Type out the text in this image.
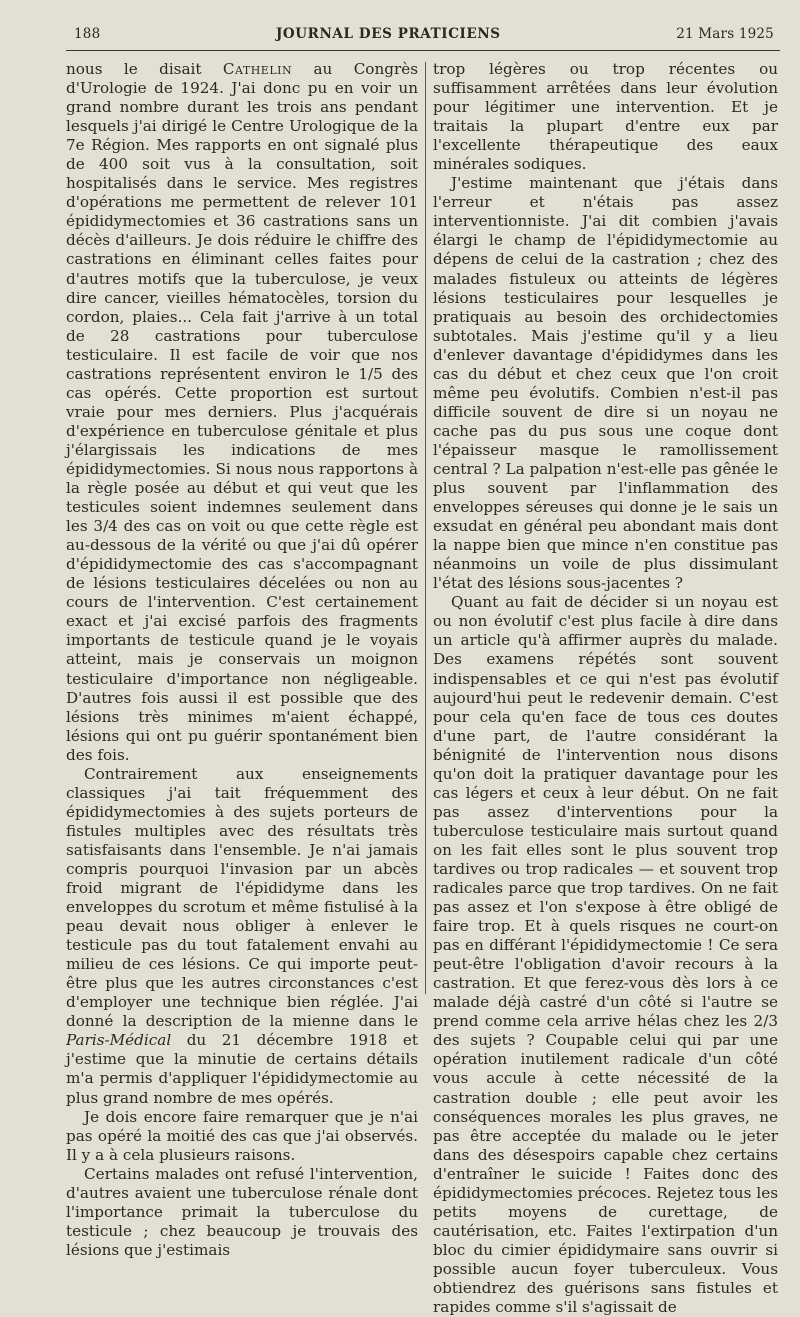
188	JOURNAL DES PRATICIENS	21 Mars 1925

nous le disait Cathelin au Congrès d'Urologie de 1924. J'ai donc pu en voir un grand nombre durant les trois ans pendant lesquels j'ai dirigé le Centre Urologique de la 7e Région. Mes rapports en ont signalé plus de 400 soit vus à la consultation, soit hospitalisés dans le service. Mes registres d'opérations me permettent de relever 101 épididymectomies et 36 castrations sans un décès d'ailleurs. Je dois réduire le chiffre des castrations en éliminant celles faites pour d'autres motifs que la tuberculose, je veux dire cancer, vieilles hématocèles, torsion du cordon, plaies... Cela fait j'arrive à un total de 28 castrations pour tuberculose testiculaire. Il est facile de voir que nos castrations représentent environ le 1/5 des cas opérés. Cette proportion est surtout vraie pour mes derniers. Plus j'acquérais d'expérience en tuberculose génitale et plus j'élargissais les indications de mes épididymectomies. Si nous nous rapportons à la règle posée au début et qui veut que les testicules soient indemnes seulement dans les 3/4 des cas on voit ou que cette règle est au-dessous de la vérité ou que j'ai dû opérer d'épididymectomie des cas s'accompagnant de lésions testiculaires décelées ou non au cours de l'intervention. C'est certainement exact et j'ai excisé parfois des fragments importants de testicule quand je le voyais atteint, mais je conservais un moignon testiculaire d'importance non négligeable. D'autres fois aussi il est possible que des lésions très minimes m'aient échappé, lésions qui ont pu guérir spontanément bien des fois.

Contrairement aux enseignements classiques j'ai tait fréquemment des épididymectomies à des sujets porteurs de fistules multiples avec des résultats très satisfaisants dans l'ensemble. Je n'ai jamais compris pourquoi l'invasion par un abcès froid migrant de l'épididyme dans les enveloppes du scrotum et même fistulisé à la peau devait nous obliger à enlever le testicule pas du tout fatalement envahi au milieu de ces lésions. Ce qui importe peut-être plus que les autres circonstances c'est d'employer une technique bien réglée. J'ai donné la description de la mienne dans le Paris-Médical du 21 décembre 1918 et j'estime que la minutie de certains détails m'a permis d'appliquer l'épididymectomie au plus grand nombre de mes opérés.

Je dois encore faire remarquer que je n'ai pas opéré la moitié des cas que j'ai observés. Il y a à cela plusieurs raisons.

Certains malades ont refusé l'intervention, d'autres avaient une tuberculose rénale dont l'importance primait la tuberculose du testicule ; chez beaucoup je trouvais des lésions que j'estimais

trop légères ou trop récentes ou suffisamment arrêtées dans leur évolution pour légitimer une intervention. Et je traitais la plupart d'entre eux par l'excellente thérapeutique des eaux minérales sodiques.

J'estime maintenant que j'étais dans l'erreur et n'étais pas assez interventionniste. J'ai dit combien j'avais élargi le champ de l'épididymectomie au dépens de celui de la castration ; chez des malades fistuleux ou atteints de légères lésions testiculaires pour lesquelles je pratiquais au besoin des orchidectomies subtotales. Mais j'estime qu'il y a lieu d'enlever davantage d'épididymes dans les cas du début et chez ceux que l'on croit même peu évolutifs. Combien n'est-il pas difficile souvent de dire si un noyau ne cache pas du pus sous une coque dont l'épaisseur masque le ramollissement central ? La palpation n'est-elle pas gênée le plus souvent par l'inflammation des enveloppes séreuses qui donne je le sais un exsudat en général peu abondant mais dont la nappe bien que mince n'en constitue pas néanmoins un voile de plus dissimulant l'état des lésions sous-jacentes ?

Quant au fait de décider si un noyau est ou non évolutif c'est plus facile à dire dans un article qu'à affirmer auprès du malade. Des examens répétés sont souvent indispensables et ce qui n'est pas évolutif aujourd'hui peut le redevenir demain. C'est pour cela qu'en face de tous ces doutes d'une part, de l'autre considérant la bénignité de l'intervention nous disons qu'on doit la pratiquer davantage pour les cas légers et ceux à leur début. On ne fait pas assez d'interventions pour la tuberculose testiculaire mais surtout quand on les fait elles sont le plus souvent trop tardives ou trop radicales — et souvent trop radicales parce que trop tardives. On ne fait pas assez et l'on s'expose à être obligé de faire trop. Et à quels risques ne court-on pas en différant l'épididymectomie ! Ce sera peut-être l'obligation d'avoir recours à la castration. Et que ferez-vous dès lors à ce malade déjà castré d'un côté si l'autre se prend comme cela arrive hélas chez les 2/3 des sujets ? Coupable celui qui par une opération inutilement radicale d'un côté vous accule à cette nécessité de la castration double ; elle peut avoir les conséquences morales les plus graves, ne pas être acceptée du malade ou le jeter dans des désespoirs capable chez certains d'entraîner le suicide ! Faites donc des épididymectomies précoces. Rejetez tous les petits moyens de curettage, de cautérisation, etc. Faites l'extirpation d'un bloc du cimier épididymaire sans ouvrir si possible aucun foyer tuberculeux. Vous obtiendrez des guérisons sans fistules et rapides comme s'il s'agissait de
